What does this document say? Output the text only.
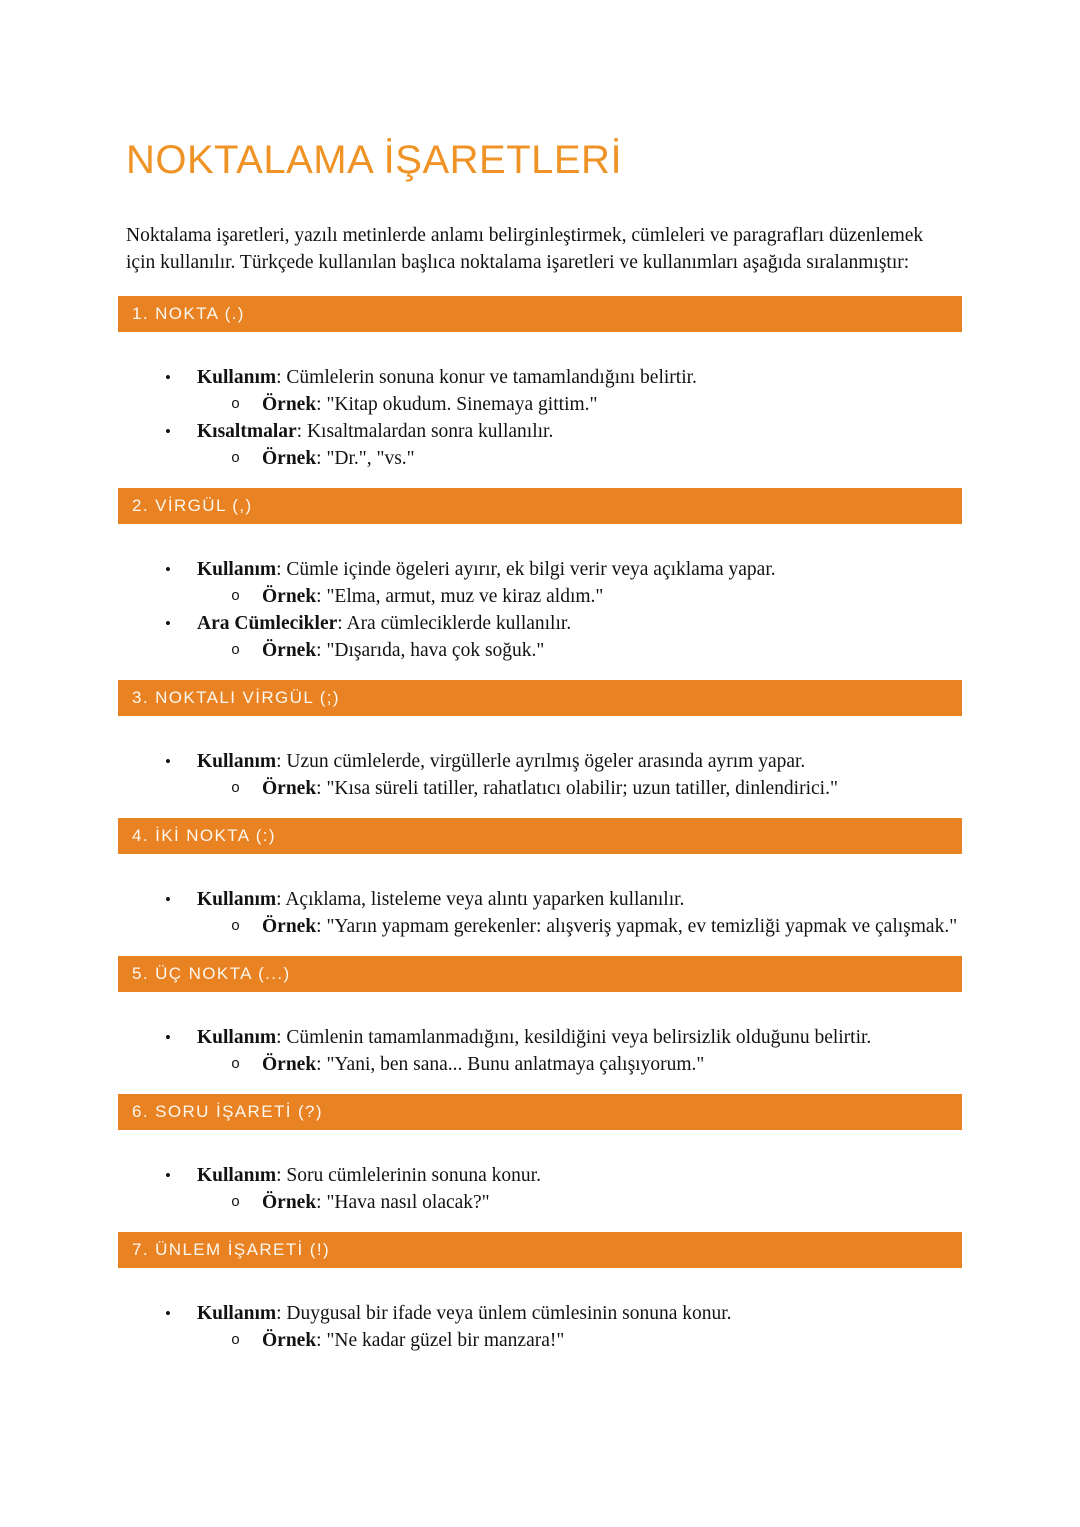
NOKTALAMA İŞARETLERİ

Noktalama işaretleri, yazılı metinlerde anlamı belirginleştirmek, cümleleri ve paragrafları düzenlemek için kullanılır. Türkçede kullanılan başlıca noktalama işaretleri ve kullanımları aşağıda sıralanmıştır:

1. NOKTA (.)
•	Kullanım: Cümlelerin sonuna konur ve tamamlandığını belirtir.
o	Örnek: "Kitap okudum. Sinemaya gittim."
•	Kısaltmalar: Kısaltmalardan sonra kullanılır.
o	Örnek: "Dr.", "vs."
2. VİRGÜL (,)
•	Kullanım: Cümle içinde ögeleri ayırır, ek bilgi verir veya açıklama yapar.
o	Örnek: "Elma, armut, muz ve kiraz aldım."
•	Ara Cümlecikler: Ara cümleciklerde kullanılır.
o	Örnek: "Dışarıda, hava çok soğuk."
3. NOKTALI VİRGÜL (;)
•	Kullanım: Uzun cümlelerde, virgüllerle ayrılmış ögeler arasında ayrım yapar.
o	Örnek: "Kısa süreli tatiller, rahatlatıcı olabilir; uzun tatiller, dinlendirici."
4. İKİ NOKTA (:)
•	Kullanım: Açıklama, listeleme veya alıntı yaparken kullanılır.
o	Örnek: "Yarın yapmam gerekenler: alışveriş yapmak, ev temizliği yapmak ve çalışmak."
5. ÜÇ NOKTA (...)
•	Kullanım: Cümlenin tamamlanmadığını, kesildiğini veya belirsizlik olduğunu belirtir.
o	Örnek: "Yani, ben sana... Bunu anlatmaya çalışıyorum."
6. SORU İŞARETİ (?)
•	Kullanım: Soru cümlelerinin sonuna konur.
o	Örnek: "Hava nasıl olacak?"
7. ÜNLEM İŞARETİ (!)
•	Kullanım: Duygusal bir ifade veya ünlem cümlesinin sonuna konur.
o	Örnek: "Ne kadar güzel bir manzara!"
